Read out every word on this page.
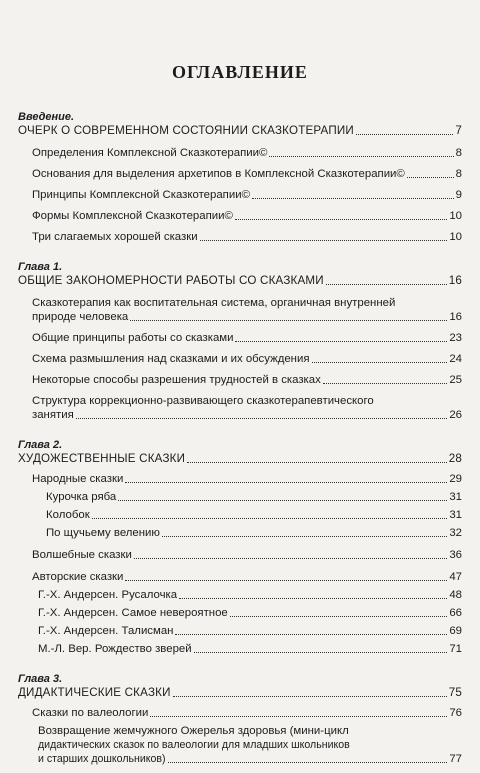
ОГЛАВЛЕНИЕ
Введение.
ОЧЕРК О СОВРЕМЕННОМ СОСТОЯНИИ СКАЗКОТЕРАПИИ	7
Определения Комплексной Сказкотерапии©	8
Основания для выделения архетипов в Комплексной Сказкотерапии©	8
Принципы Комплексной Сказкотерапии©	9
Формы Комплексной Сказкотерапии©	10
Три слагаемых хорошей сказки	10
Глава 1.
ОБЩИЕ ЗАКОНОМЕРНОСТИ РАБОТЫ СО СКАЗКАМИ	16
Сказкотерапия как воспитательная система, органичная внутренней
природе человека	16
Общие принципы работы со сказками	23
Схема размышления над сказками и их обсуждения	24
Некоторые способы разрешения трудностей в сказках	25
Структура коррекционно-развивающего сказкотерапевтического
занятия	26
Глава 2.
ХУДОЖЕСТВЕННЫЕ СКАЗКИ	28
Народные сказки	29
Курочка ряба	31
Колобок	31
По щучьему велению	32
Волшебные сказки	36
Авторские сказки	47
Г.-Х. Андерсен. Русалочка	48
Г.-Х. Андерсен. Самое невероятное	66
Г.-Х. Андерсен. Талисман	69
М.-Л. Вер. Рождество зверей	71
Глава 3.
ДИДАКТИЧЕСКИЕ СКАЗКИ	75
Сказки по валеологии	76
Возвращение жемчужного Ожерелья здоровья (мини-цикл
дидактических сказок по валеологии для младших школьников
и старших дошкольников)	77
